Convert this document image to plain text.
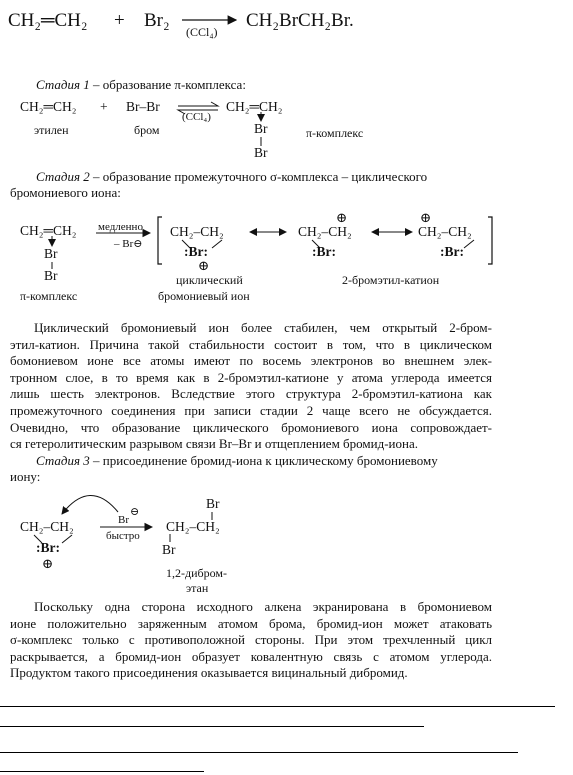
CH₂═CH₂ + Br₂
(CCl₄)
CH₂BrCH₂Br.
Стадия 1 – образование π-комплекса:
CH₂═CH₂ + Br–Br
(CCl₄)
CH₂═CH₂
Br
Br
этилен	бром	π-комплекс
Стадия 2 – образование промежуточного σ-комплекса – циклического
бромониевого иона:
CH₂═CH₂
Br
Br
π-комплекс
медленно
– Br⊖
CH₂–CH₂
:Br:
⊕
CH₂–CH₂
⊕
:Br:
CH₂–CH₂
⊕
:Br:
циклический
бромониевый ион
2-бромэтил-катион
Циклический бромониевый ион более стабилен, чем открытый 2-бром-
этил-катион. Причина такой стабильности состоит в том, что в циклическом
бомониевом ионе все атомы имеют по восемь электронов во внешнем элек-
тронном слое, в то время как в 2-бромэтил-катионе у атома углерода имеется
лишь шесть электронов. Вследствие этого структура 2-бромэтил-катиона как
промежуточного соединения при записи стадии 2 чаще всего не обсуждается.
Очевидно, что образование циклического бромониевого иона сопровождает-
ся гетеролитическим разрывом связи Br–Br и отщеплением бромид-иона.
Стадия 3 – присоединение бромид-иона к циклическому бромониевому
иону:
CH₂–CH₂
:Br:
⊕
Br
⊖
быстро
Br
CH₂–CH₂
Br
1,2-дибром-
этан
Поскольку одна сторона исходного алкена экранирована в бромониевом
ионе положительно заряженным атомом брома, бромид-ион может атаковать
σ-комплекс только с противоположной стороны. При этом трехчленный цикл
раскрывается, а бромид-ион образует ковалентную связь с атомом углерода.
Продуктом такого присоединения оказывается вицинальный дибромид.
